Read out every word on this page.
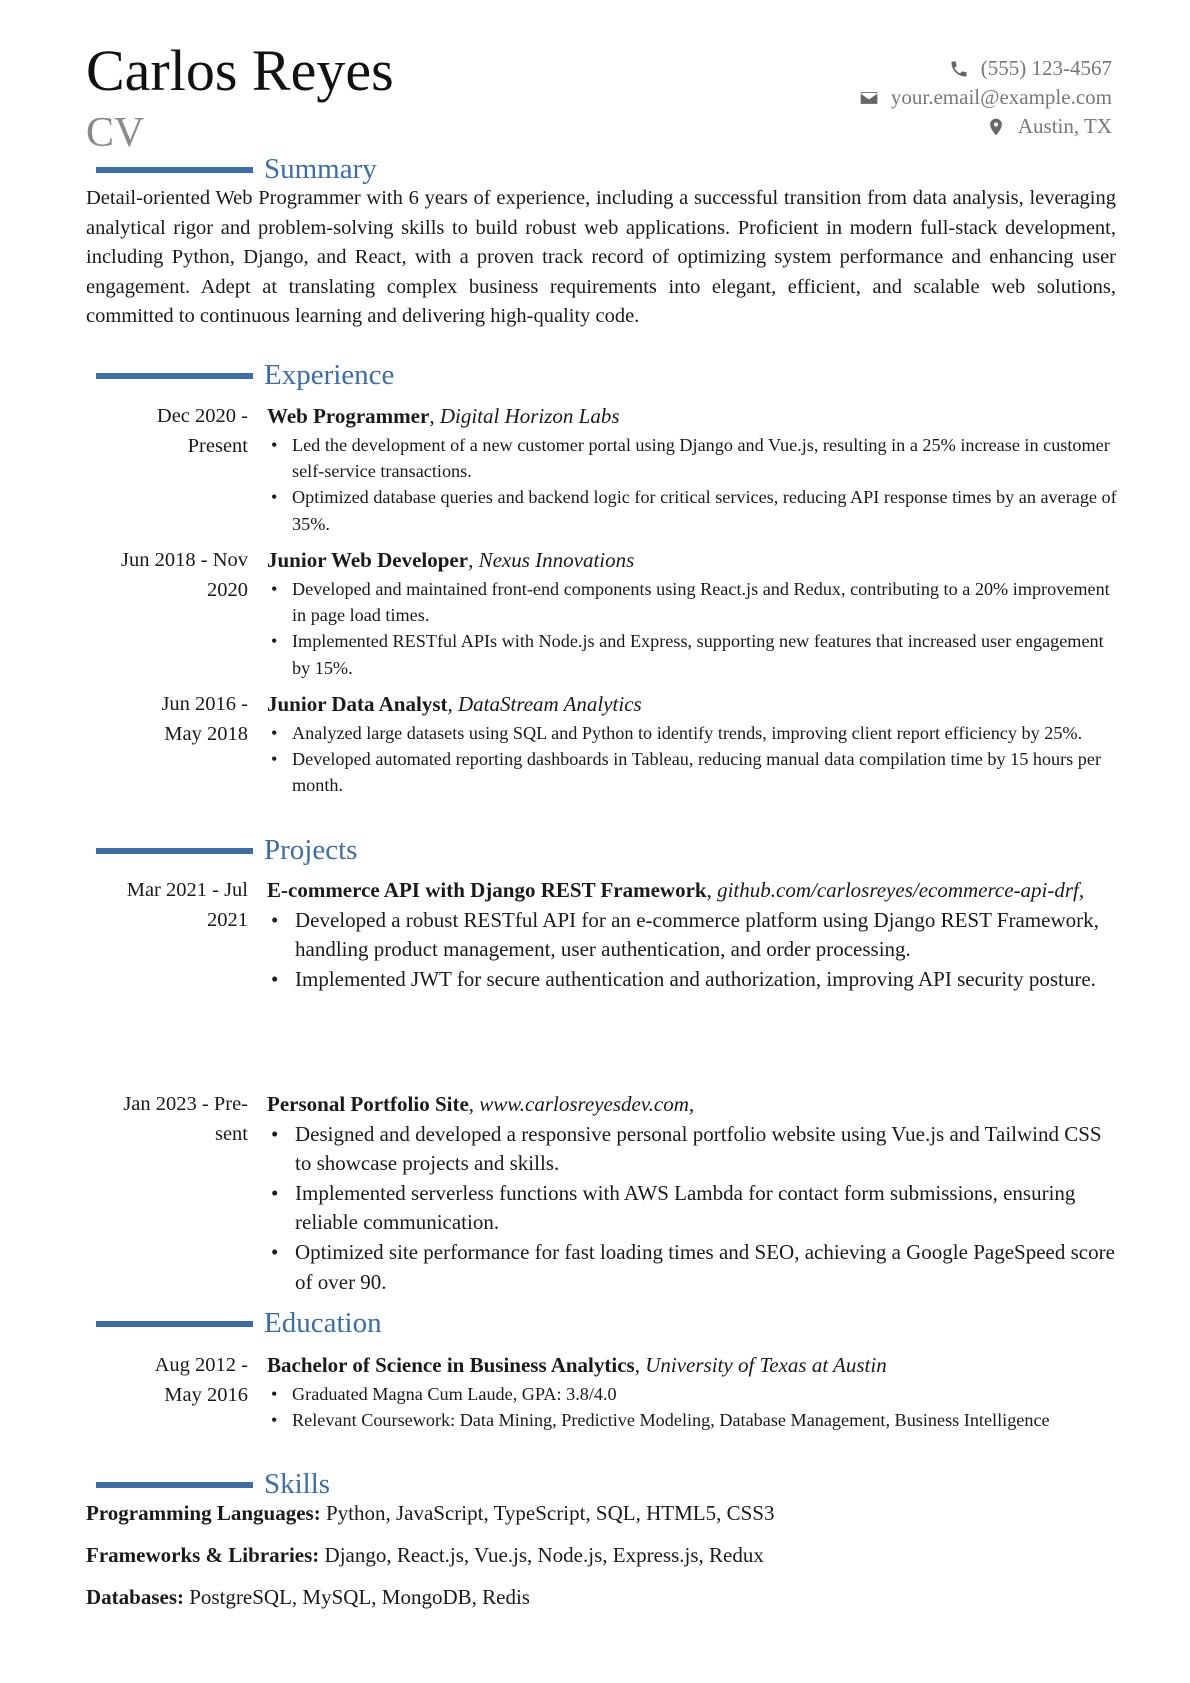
Carlos Reyes
CV
(555) 123-4567
your.email@example.com
Austin, TX
Summary
Detail-oriented Web Programmer with 6 years of experience, including a successful transition from data analysis, leveraging analytical rigor and problem-solving skills to build robust web applications. Proficient in modern full-stack development, including Python, Django, and React, with a proven track record of optimizing system performance and enhancing user engagement. Adept at translating complex business requirements into elegant, efficient, and scalable web solutions, committed to continuous learning and delivering high-quality code.
Experience
Dec 2020 -
Present
Web Programmer, Digital Horizon Labs
• Led the development of a new customer portal using Django and Vue.js, resulting in a 25% increase in customer self-service transactions.
• Optimized database queries and backend logic for critical services, reducing API response times by an average of 35%.
Jun 2018 - Nov
2020
Junior Web Developer, Nexus Innovations
• Developed and maintained front-end components using React.js and Redux, contributing to a 20% improvement in page load times.
• Implemented RESTful APIs with Node.js and Express, supporting new features that increased user engagement by 15%.
Jun 2016 -
May 2018
Junior Data Analyst, DataStream Analytics
• Analyzed large datasets using SQL and Python to identify trends, improving client report efficiency by 25%.
• Developed automated reporting dashboards in Tableau, reducing manual data compilation time by 15 hours per month.
Projects
Mar 2021 - Jul
2021
E-commerce API with Django REST Framework, github.com/carlosreyes/ecommerce-api-drf,
• Developed a robust RESTful API for an e-commerce platform using Django REST Framework, handling product management, user authentication, and order processing.
• Implemented JWT for secure authentication and authorization, improving API security posture.
Jan 2023 - Pre-
sent
Personal Portfolio Site, www.carlosreyesdev.com,
• Designed and developed a responsive personal portfolio website using Vue.js and Tailwind CSS to showcase projects and skills.
• Implemented serverless functions with AWS Lambda for contact form submissions, ensuring reliable communication.
• Optimized site performance for fast loading times and SEO, achieving a Google PageSpeed score of over 90.
Education
Aug 2012 -
May 2016
Bachelor of Science in Business Analytics, University of Texas at Austin
• Graduated Magna Cum Laude, GPA: 3.8/4.0
• Relevant Coursework: Data Mining, Predictive Modeling, Database Management, Business Intelligence
Skills
Programming Languages: Python, JavaScript, TypeScript, SQL, HTML5, CSS3
Frameworks & Libraries: Django, React.js, Vue.js, Node.js, Express.js, Redux
Databases: PostgreSQL, MySQL, MongoDB, Redis
